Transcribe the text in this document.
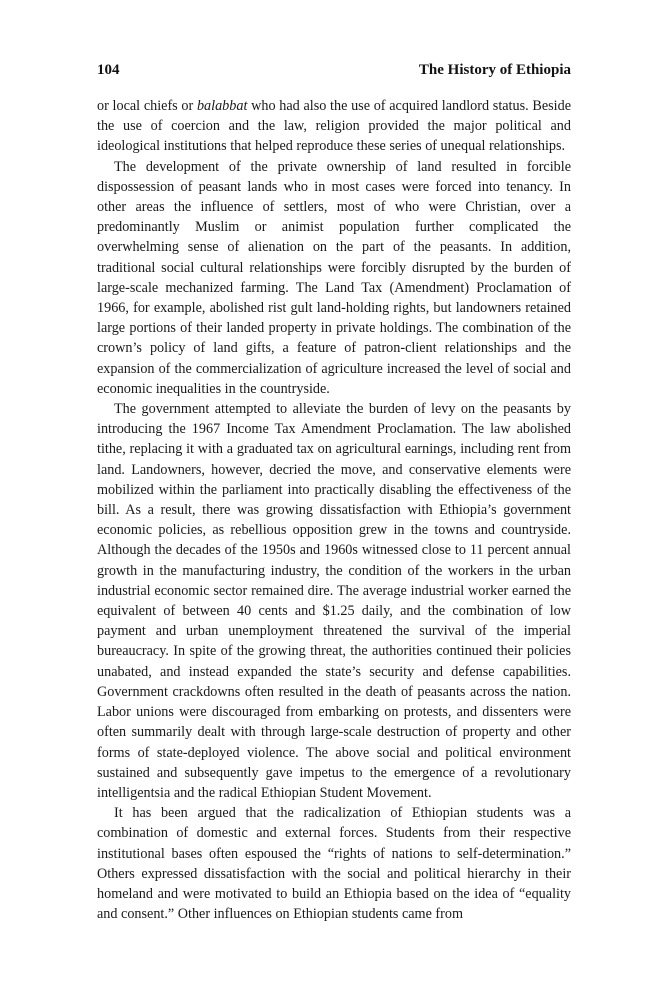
104	The History of Ethiopia

or local chiefs or balabbat who had also the use of acquired landlord status. Beside the use of coercion and the law, religion provided the major political and ideological institutions that helped reproduce these series of unequal relationships.

The development of the private ownership of land resulted in forcible dispossession of peasant lands who in most cases were forced into tenancy. In other areas the influence of settlers, most of who were Christian, over a predominantly Muslim or animist population further complicated the overwhelming sense of alienation on the part of the peasants. In addition, traditional social cultural relationships were forcibly disrupted by the burden of large-scale mechanized farming. The Land Tax (Amendment) Proclamation of 1966, for example, abolished rist gult land-holding rights, but landowners retained large portions of their landed property in private holdings. The combination of the crown’s policy of land gifts, a feature of patron-client relationships and the expansion of the commercialization of agriculture increased the level of social and economic inequalities in the countryside.

The government attempted to alleviate the burden of levy on the peasants by introducing the 1967 Income Tax Amendment Proclamation. The law abolished tithe, replacing it with a graduated tax on agricultural earnings, including rent from land. Landowners, however, decried the move, and conservative elements were mobilized within the parliament into practically disabling the effectiveness of the bill. As a result, there was growing dissatisfaction with Ethiopia’s government economic policies, as rebellious opposition grew in the towns and countryside. Although the decades of the 1950s and 1960s witnessed close to 11 percent annual growth in the manufacturing industry, the condition of the workers in the urban industrial economic sector remained dire. The average industrial worker earned the equivalent of between 40 cents and $1.25 daily, and the combination of low payment and urban unemployment threatened the survival of the imperial bureaucracy. In spite of the growing threat, the authorities continued their policies unabated, and instead expanded the state’s security and defense capabilities. Government crackdowns often resulted in the death of peasants across the nation. Labor unions were discouraged from embarking on protests, and dissenters were often summarily dealt with through large-scale destruction of property and other forms of state-deployed violence. The above social and political environment sustained and subsequently gave impetus to the emergence of a revolutionary intelligentsia and the radical Ethiopian Student Movement.

It has been argued that the radicalization of Ethiopian students was a combination of domestic and external forces. Students from their respective institutional bases often espoused the “rights of nations to self-determination.” Others expressed dissatisfaction with the social and political hierarchy in their homeland and were motivated to build an Ethiopia based on the idea of “equality and consent.” Other influences on Ethiopian students came from
